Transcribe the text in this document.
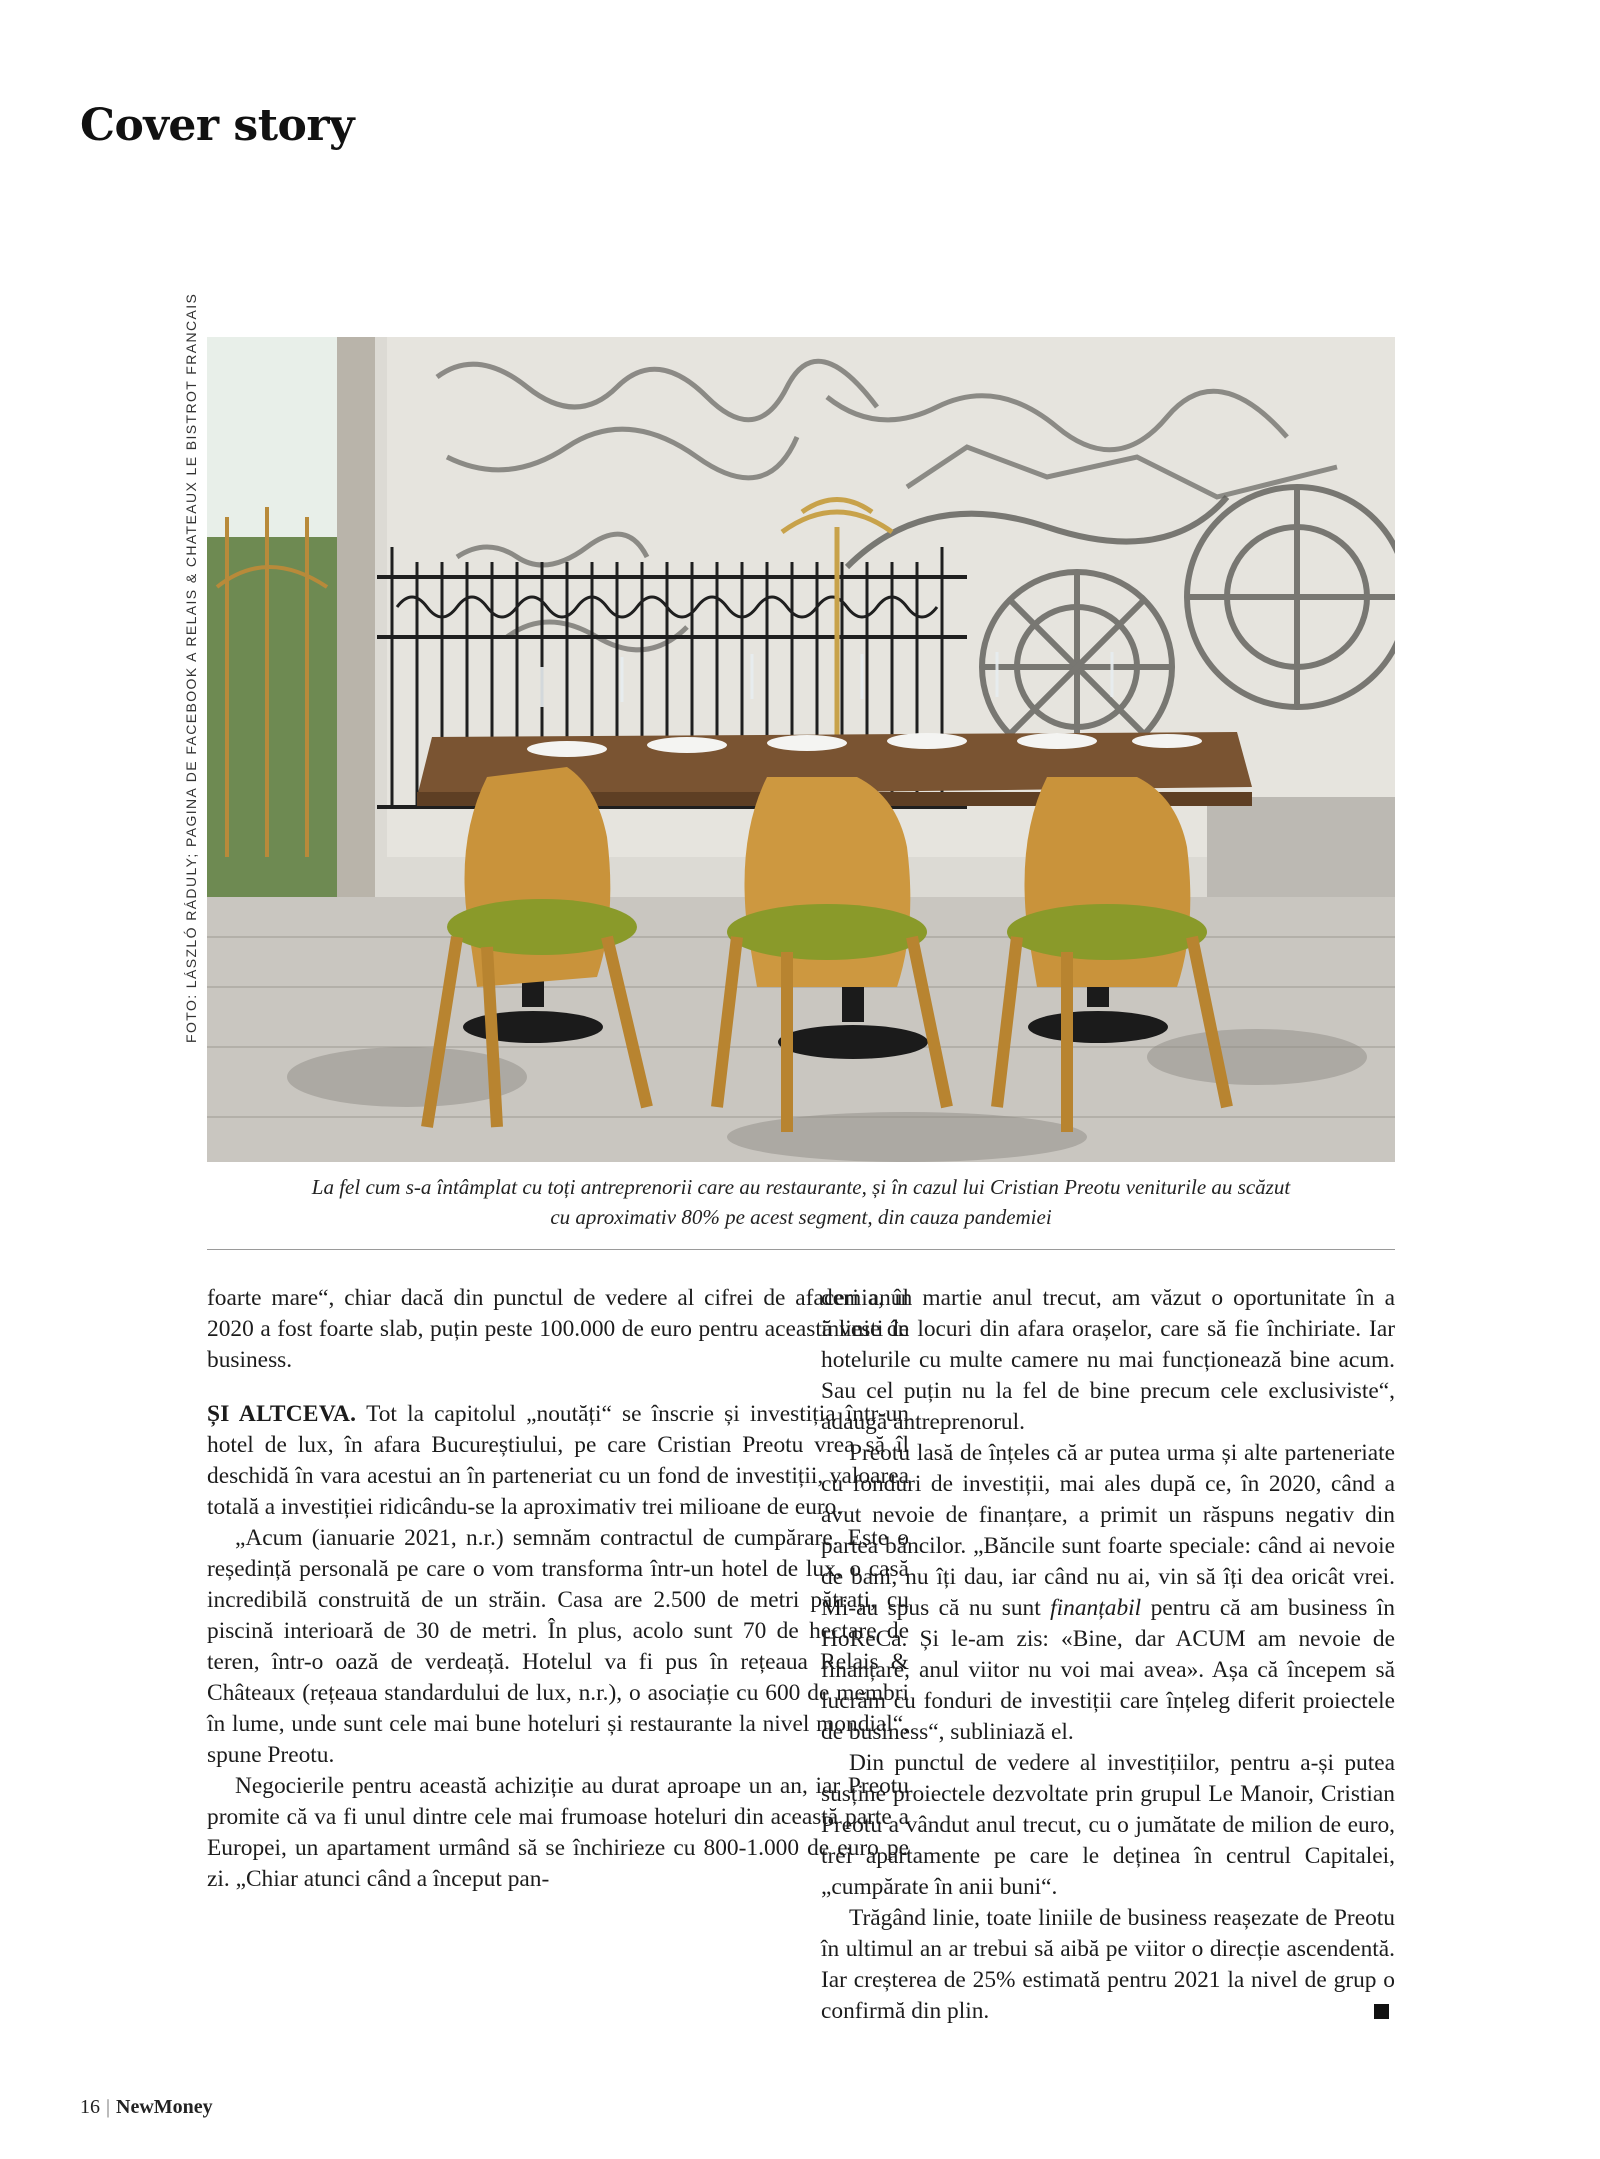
Cover story
FOTO: LÁSZLÓ RÁDULY; PAGINA DE FACEBOOK A RELAIS & CHATEAUX LE BISTROT FRANCAIS
La fel cum s-a întâmplat cu toți antreprenorii care au restaurante, și în cazul lui Cristian Preotu veniturile au scăzut
cu aproximativ 80% pe acest segment, din cauza pandemiei

foarte mare“, chiar dacă din punctul de vedere al cifrei de afaceri anul 2020 a fost foarte slab, puțin peste 100.000 de euro pentru această linie de business.

ȘI ALTCEVA. Tot la capitolul „noutăți“ se înscrie și investiția într-un hotel de lux, în afara Bucureștiului, pe care Cristian Preotu vrea să îl deschidă în vara acestui an în parteneriat cu un fond de investiții, valoarea totală a investiției ridicându-se la aproximativ trei milioane de euro.

„Acum (ianuarie 2021, n.r.) semnăm contractul de cumpărare. Este o reședință personală pe care o vom transforma într-un hotel de lux, o casă incredibilă construită de un străin. Casa are 2.500 de metri pătrați, cu piscină interioară de 30 de metri. În plus, acolo sunt 70 de hectare de teren, într-o oază de verdeață. Hotelul va fi pus în rețeaua Relais & Châteaux (rețeaua standardului de lux, n.r.), o asociație cu 600 de membri în lume, unde sunt cele mai bune hoteluri și restaurante la nivel mondial“, spune Preotu.

Negocierile pentru această achiziție au durat aproape un an, iar Preotu promite că va fi unul dintre cele mai frumoase hoteluri din această parte a Europei, un apartament urmând să se închirieze cu 800-1.000 de euro pe zi. „Chiar atunci când a început pan-

demia, în martie anul trecut, am văzut o oportunitate în a investi în locuri din afara orașelor, care să fie închiriate. Iar hotelurile cu multe camere nu mai funcționează bine acum. Sau cel puțin nu la fel de bine precum cele exclusiviste“, adaugă antreprenorul.

Preotu lasă de înțeles că ar putea urma și alte parteneriate cu fonduri de investiții, mai ales după ce, în 2020, când a avut nevoie de finanțare, a primit un răspuns negativ din partea băncilor. „Băncile sunt foarte speciale: când ai nevoie de bani, nu îți dau, iar când nu ai, vin să îți dea oricât vrei. Mi-au spus că nu sunt finanțabil pentru că am business în HoReCa. Și le-am zis: «Bine, dar ACUM am nevoie de finanțare, anul viitor nu voi mai avea». Așa că începem să lucrăm cu fonduri de investiții care înțeleg diferit proiectele de business“, subliniază el.

Din punctul de vedere al investițiilor, pentru a-și putea susține proiectele dezvoltate prin grupul Le Manoir, Cristian Preotu a vândut anul trecut, cu o jumătate de milion de euro, trei apartamente pe care le deținea în centrul Capitalei, „cumpărate în anii buni“.

Trăgând linie, toate liniile de business reașezate de Preotu în ultimul an ar trebui să aibă pe viitor o direcție ascendentă. Iar creșterea de 25% estimată pentru 2021 la nivel de grup o confirmă din plin.

16 | NewMoney
